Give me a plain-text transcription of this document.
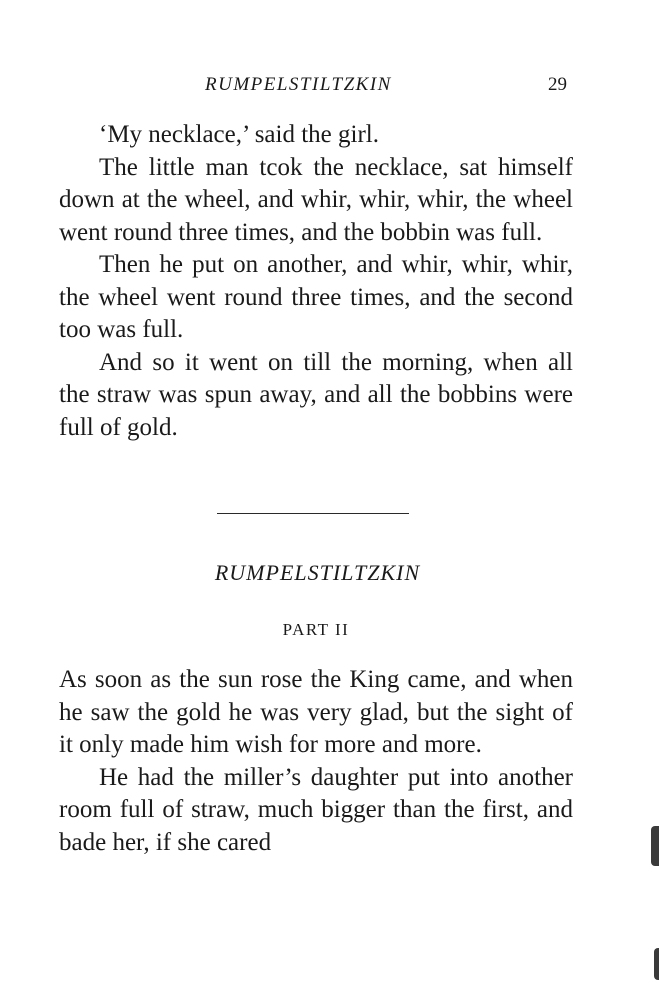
RUMPELSTILTZKIN	29

‘My necklace,’ said the girl.

The little man tcok the necklace, sat himself down at the wheel, and whir, whir, whir, the wheel went round three times, and the bobbin was full.

Then he put on another, and whir, whir, whir, the wheel went round three times, and the second too was full.

And so it went on till the morning, when all the straw was spun away, and all the bobbins were full of gold.

RUMPELSTILTZKIN
PART II

As soon as the sun rose the King came, and when he saw the gold he was very glad, but the sight of it only made him wish for more and more.

He had the miller’s daughter put into another room full of straw, much bigger than the first, and bade her, if she cared
